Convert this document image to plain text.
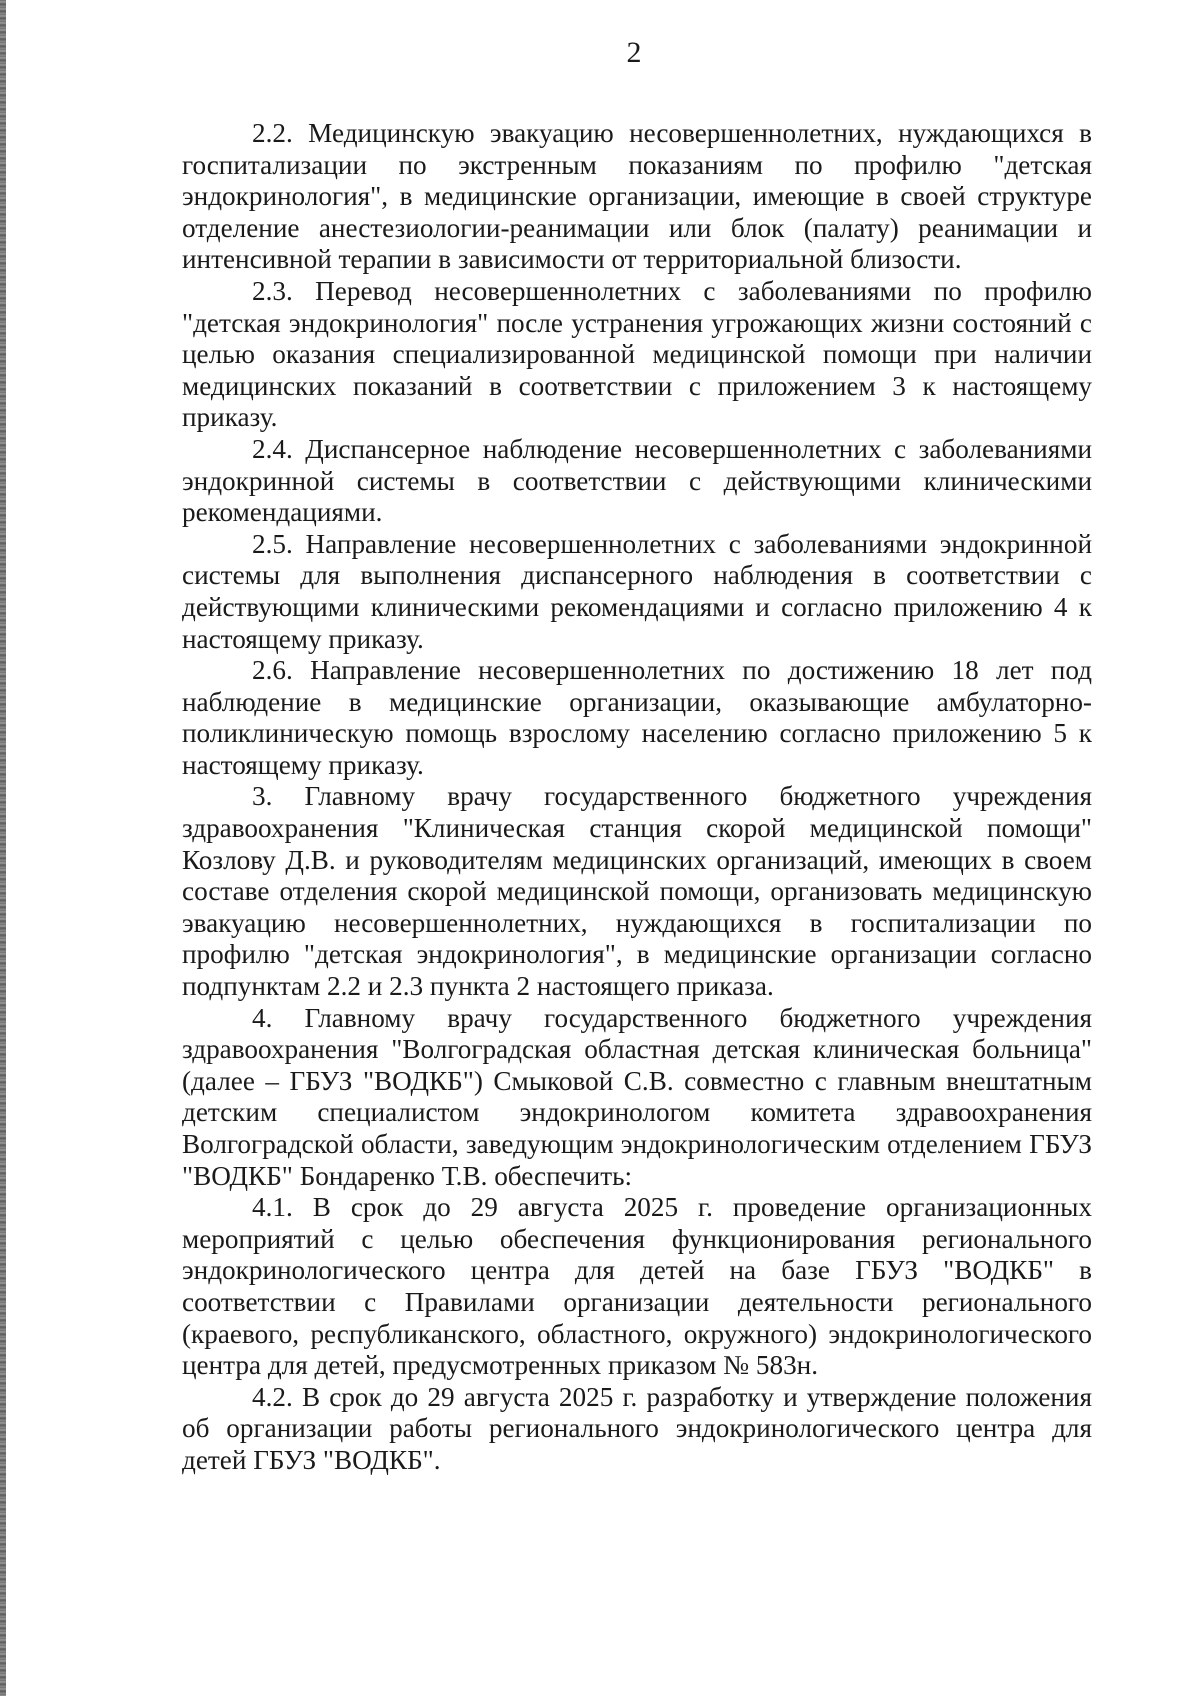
2

2.2. Медицинскую эвакуацию несовершеннолетних, нуждающихся в госпитализации по экстренным показаниям по профилю "детская эндокринология", в медицинские организации, имеющие в своей структуре отделение анестезиологии-реанимации или блок (палату) реанимации и интенсивной терапии в зависимости от территориальной близости.

2.3. Перевод несовершеннолетних с заболеваниями по профилю "детская эндокринология" после устранения угрожающих жизни состояний с целью оказания специализированной медицинской помощи при наличии медицинских показаний в соответствии с приложением 3 к настоящему приказу.

2.4. Диспансерное наблюдение несовершеннолетних с заболеваниями эндокринной системы в соответствии с действующими клиническими рекомендациями.

2.5. Направление несовершеннолетних с заболеваниями эндокринной системы для выполнения диспансерного наблюдения в соответствии с действующими клиническими рекомендациями и согласно приложению 4 к настоящему приказу.

2.6. Направление несовершеннолетних по достижению 18 лет под наблюдение в медицинские организации, оказывающие амбулаторно-поликлиническую помощь взрослому населению согласно приложению 5 к настоящему приказу.

3. Главному врачу государственного бюджетного учреждения здравоохранения "Клиническая станция скорой медицинской помощи" Козлову Д.В. и руководителям медицинских организаций, имеющих в своем составе отделения скорой медицинской помощи, организовать медицинскую эвакуацию несовершеннолетних, нуждающихся в госпитализации по профилю "детская эндокринология", в медицинские организации согласно подпунктам 2.2 и 2.3 пункта 2 настоящего приказа.

4. Главному врачу государственного бюджетного учреждения здравоохранения "Волгоградская областная детская клиническая больница" (далее – ГБУЗ "ВОДКБ") Смыковой С.В. совместно с главным внештатным детским специалистом эндокринологом комитета здравоохранения Волгоградской области, заведующим эндокринологическим отделением ГБУЗ "ВОДКБ" Бондаренко Т.В. обеспечить:

4.1. В срок до 29 августа 2025 г. проведение организационных мероприятий с целью обеспечения функционирования регионального эндокринологического центра для детей на базе ГБУЗ "ВОДКБ" в соответствии с Правилами организации деятельности регионального (краевого, республиканского, областного, окружного) эндокринологического центра для детей, предусмотренных приказом № 583н.

4.2. В срок до 29 августа 2025 г. разработку и утверждение положения об организации работы регионального эндокринологического центра для детей ГБУЗ "ВОДКБ".
